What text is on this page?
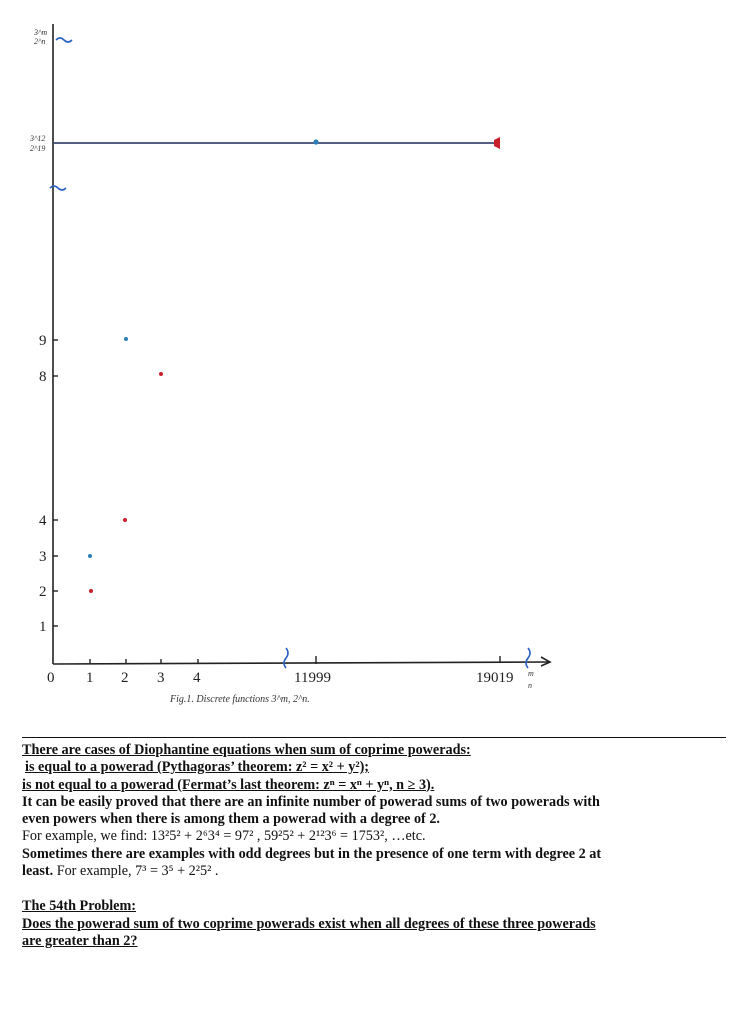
3^m
2^n
3^12
2^19
1
2
3
4
8
9
0 1 2 3 4	11999	19019 m
n
Fig.1. Discrete functions 3^m, 2^n.

There are cases of Diophantine equations when sum of coprime powerads:

is equal to a powerad (Pythagoras’ theorem: z² = x² + y²);

is not equal to a powerad (Fermat’s last theorem: zⁿ = xⁿ + yⁿ, n ≥ 3).

It can be easily proved that there are an infinite number of powerad sums of two powerads with

even powers when there is among them a powerad with a degree of 2.

For example, we find: 13²5² + 2⁶3⁴ = 97² , 59²5² + 2¹²3⁶ = 1753², …etc.

Sometimes there are examples with odd degrees but in the presence of one term with degree 2 at

least. For example, 7³ = 3⁵ + 2²5² .

The 54th Problem:

Does the powerad sum of two coprime powerads exist when all degrees of these three powerads

are greater than 2?
